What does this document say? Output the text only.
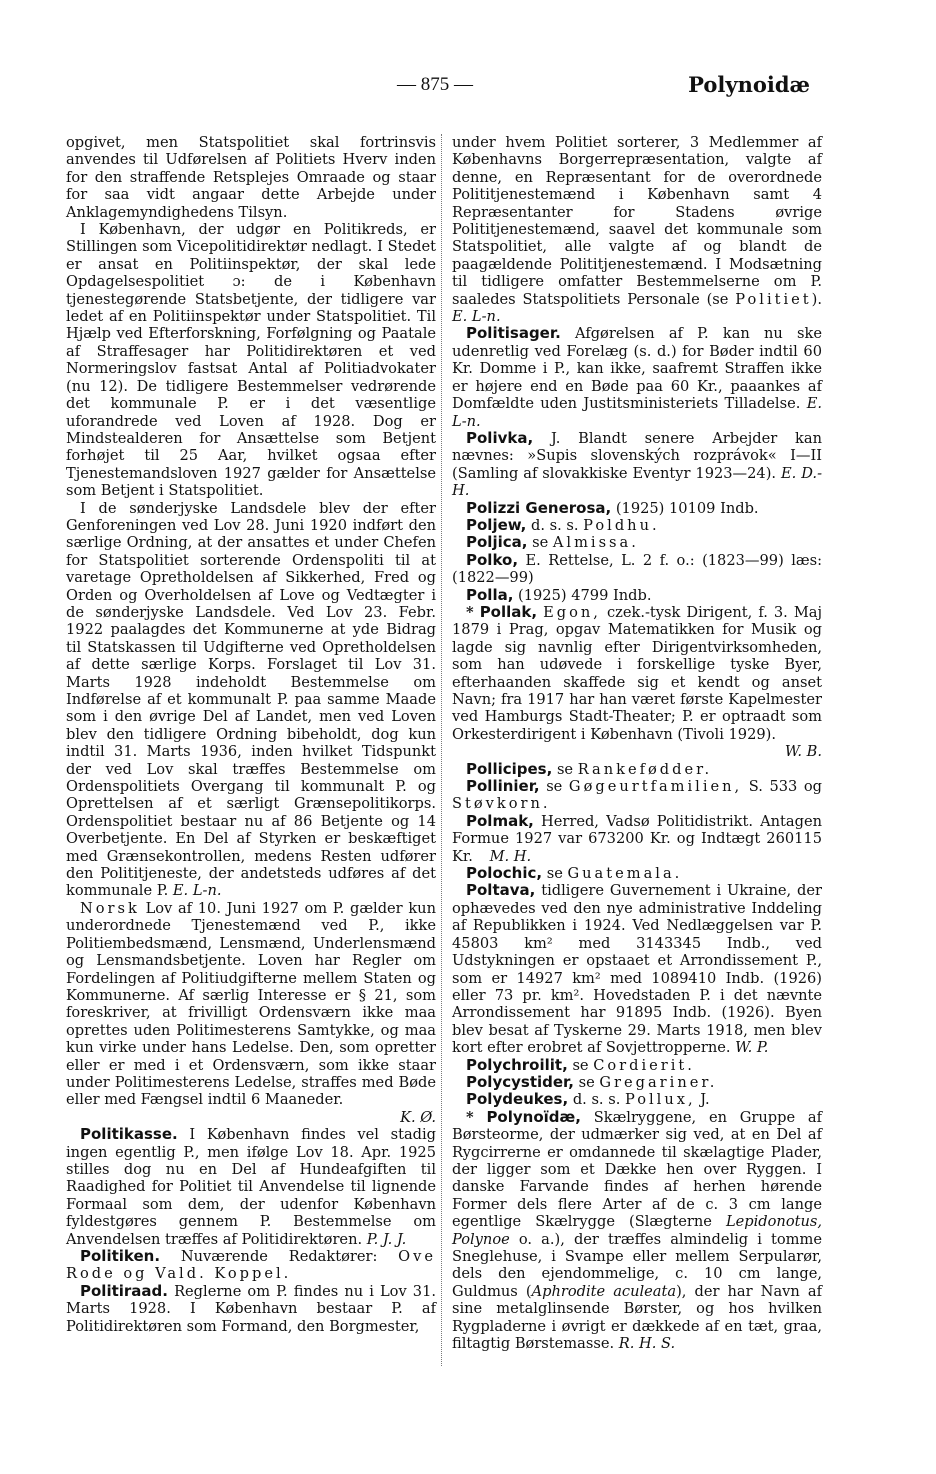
— 875 —	Polynoidæ

opgivet, men Statspolitiet skal fortrinsvis anvendes til Udførelsen af Politiets Hverv inden for den straffende Retsplejes Omraade og staar for saa vidt angaar dette Arbejde under Anklagemyndighedens Tilsyn.

I København, der udgør en Politikreds, er Stillingen som Vicepolitidirektør nedlagt. I Stedet er ansat en Politiinspektør, der skal lede Opdagelsespolitiet ɔ: de i København tjenestegørende Statsbetjente, der tidligere var ledet af en Politiinspektør under Statspolitiet. Til Hjælp ved Efterforskning, Forfølgning og Paatale af Straffesager har Politidirektøren et ved Normeringslov fastsat Antal af Politiadvokater (nu 12). De tidligere Bestemmelser vedrørende det kommunale P. er i det væsentlige uforandrede ved Loven af 1928. Dog er Mindstealderen for Ansættelse som Betjent forhøjet til 25 Aar, hvilket ogsaa efter Tjenestemandsloven 1927 gælder for Ansættelse som Betjent i Statspolitiet.

I de sønderjyske Landsdele blev der efter Genforeningen ved Lov 28. Juni 1920 indført den særlige Ordning, at der ansattes et under Chefen for Statspolitiet sorterende Ordenspoliti til at varetage Opretholdelsen af Sikkerhed, Fred og Orden og Overholdelsen af Love og Vedtægter i de sønderjyske Landsdele. Ved Lov 23. Febr. 1922 paalagdes det Kommunerne at yde Bidrag til Statskassen til Udgifterne ved Opretholdelsen af dette særlige Korps. Forslaget til Lov 31. Marts 1928 indeholdt Bestemmelse om Indførelse af et kommunalt P. paa samme Maade som i den øvrige Del af Landet, men ved Loven blev den tidligere Ordning bibeholdt, dog kun indtil 31. Marts 1936, inden hvilket Tidspunkt der ved Lov skal træffes Bestemmelse om Ordenspolitiets Overgang til kommunalt P. og Oprettelsen af et særligt Grænsepolitikorps. Ordenspolitiet bestaar nu af 86 Betjente og 14 Overbetjente. En Del af Styrken er beskæftiget med Grænsekontrollen, medens Resten udfører den Polititjeneste, der andetsteds udføres af det kommunale P. E. L-n.

Norsk Lov af 10. Juni 1927 om P. gælder kun underordnede Tjenestemænd ved P., ikke Politiembedsmænd, Lensmænd, Underlensmænd og Lensmandsbetjente. Loven har Regler om Fordelingen af Politiudgifterne mellem Staten og Kommunerne. Af særlig Interesse er § 21, som foreskriver, at frivilligt Ordensværn ikke maa oprettes uden Politimesterens Samtykke, og maa kun virke under hans Ledelse. Den, som opretter eller er med i et Ordensværn, som ikke staar under Politimesterens Ledelse, straffes med Bøde eller med Fængsel indtil 6 Maaneder.

K. Ø.

Politikasse. I København findes vel stadig ingen egentlig P., men ifølge Lov 18. Apr. 1925 stilles dog nu en Del af Hundeafgiften til Raadighed for Politiet til Anvendelse til lignende Formaal som dem, der udenfor København fyldestgøres gennem P. Bestemmelse om Anvendelsen træffes af Politidirektøren. P. J. J.

Politiken. Nuværende Redaktører: Ove Rode og Vald. Koppel.

Politiraad. Reglerne om P. findes nu i Lov 31. Marts 1928. I København bestaar P. af Politidirektøren som Formand, den Borgmester,

under hvem Politiet sorterer, 3 Medlemmer af Københavns Borgerrepræsentation, valgte af denne, en Repræsentant for de overordnede Polititjenestemænd i København samt 4 Repræsentanter for Stadens øvrige Polititjenestemænd, saavel det kommunale som Statspolitiet, alle valgte af og blandt de paagældende Polititjenestemænd. I Modsætning til tidligere omfatter Bestemmelserne om P. saaledes Statspolitiets Personale (se Politiet). E. L-n.

Politisager. Afgørelsen af P. kan nu ske udenretlig ved Forelæg (s. d.) for Bøder indtil 60 Kr. Domme i P., kan ikke, saafremt Straffen ikke er højere end en Bøde paa 60 Kr., paaankes af Domfældte uden Justitsministeriets Tilladelse. E. L-n.

Polivka, J. Blandt senere Arbejder kan nævnes: »Supis slovenských rozprávok« I—II (Samling af slovakkiske Eventyr 1923—24). E. D.-H.

Polizzi Generosa, (1925) 10109 Indb.

Poljew, d. s. s. Poldhu.

Poljica, se Almissa.

Polko, E. Rettelse, L. 2 f. o.: (1823—99) læs: (1822—99)

Polla, (1925) 4799 Indb.

* Pollak, Egon, czek.-tysk Dirigent, f. 3. Maj 1879 i Prag, opgav Matematikken for Musik og lagde sig navnlig efter Dirigentvirksomheden, som han udøvede i forskellige tyske Byer, efterhaanden skaffede sig et kendt og anset Navn; fra 1917 har han været første Kapelmester ved Hamburgs Stadt-Theater; P. er optraadt som Orkesterdirigent i København (Tivoli 1929).

W. B.

Pollicipes, se Rankefødder.

Pollinier, se Gøgeurtfamilien, S. 533 og Støvkorn.

Polmak, Herred, Vadsø Politidistrikt. Antagen Formue 1927 var 673200 Kr. og Indtægt 260115 Kr. M. H.

Polochic, se Guatemala.

Poltava, tidligere Guvernement i Ukraine, der ophævedes ved den nye administrative Inddeling af Republikken i 1924. Ved Nedlæggelsen var P. 45803 km² med 3143345 Indb., ved Udstykningen er opstaaet et Arrondissement P., som er 14927 km² med 1089410 Indb. (1926) eller 73 pr. km². Hovedstaden P. i det nævnte Arrondissement har 91895 Indb. (1926). Byen blev besat af Tyskerne 29. Marts 1918, men blev kort efter erobret af Sovjettropperne. W. P.

Polychroilit, se Cordierit.

Polycystider, se Gregariner.

Polydeukes, d. s. s. Pollux, J.

* Polynoïdæ, Skælryggene, en Gruppe af Børsteorme, der udmærker sig ved, at en Del af Rygcirrerne er omdannede til skælagtige Plader, der ligger som et Dække hen over Ryggen. I danske Farvande findes af herhen hørende Former dels flere Arter af de c. 3 cm lange egentlige Skælrygge (Slægterne Lepidonotus, Polynoe o. a.), der træffes almindelig i tomme Sneglehuse, i Svampe eller mellem Serpularør, dels den ejendommelige, c. 10 cm lange, Guldmus (Aphrodite aculeata), der har Navn af sine metalglinsende Børster, og hos hvilken Rygpladerne i øvrigt er dækkede af en tæt, graa, filtagtig Børstemasse. R. H. S.
